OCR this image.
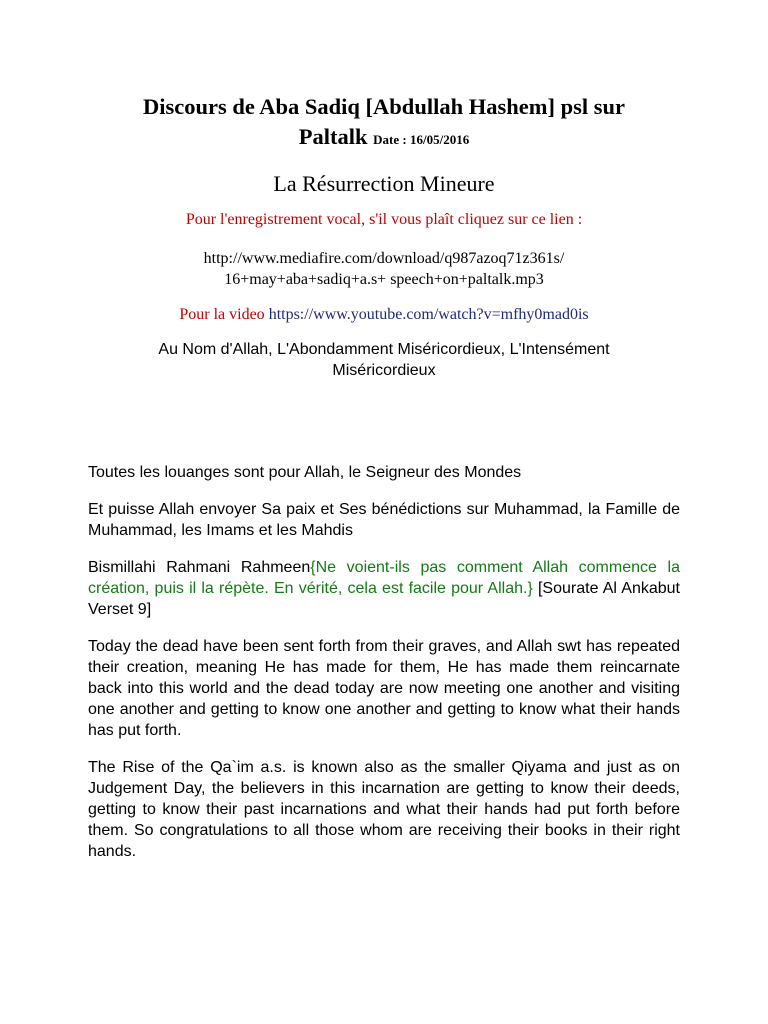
Discours de Aba Sadiq [Abdullah Hashem] psl sur
Paltalk Date : 16/05/2016
La Résurrection Mineure
Pour l'enregistrement vocal, s'il vous plaît cliquez sur ce lien :
http://www.mediafire.com/download/q987azoq71z361s/
16+may+aba+sadiq+a.s+ speech+on+paltalk.mp3
Pour la video https://www.youtube.com/watch?v=mfhy0mad0is
Au Nom d'Allah, L'Abondamment Miséricordieux, L'Intensément
Miséricordieux

Toutes les louanges sont pour Allah, le Seigneur des Mondes

Et puisse Allah envoyer Sa paix et Ses bénédictions sur Muhammad, la Famille de Muhammad, les Imams et les Mahdis

Bismillahi Rahmani Rahmeen{Ne voient-ils pas comment Allah commence la création, puis il la répète. En vérité, cela est facile pour Allah.} [Sourate Al Ankabut Verset 9]

Today the dead have been sent forth from their graves, and Allah swt has repeated their creation, meaning He has made for them, He has made them reincarnate back into this world and the dead today are now meeting one another and visiting one another and getting to know one another and getting to know what their hands has put forth.

The Rise of the Qa`im a.s. is known also as the smaller Qiyama and just as on Judgement Day, the believers in this incarnation are getting to know their deeds, getting to know their past incarnations and what their hands had put forth before them. So congratulations to all those whom are receiving their books in their right hands.
